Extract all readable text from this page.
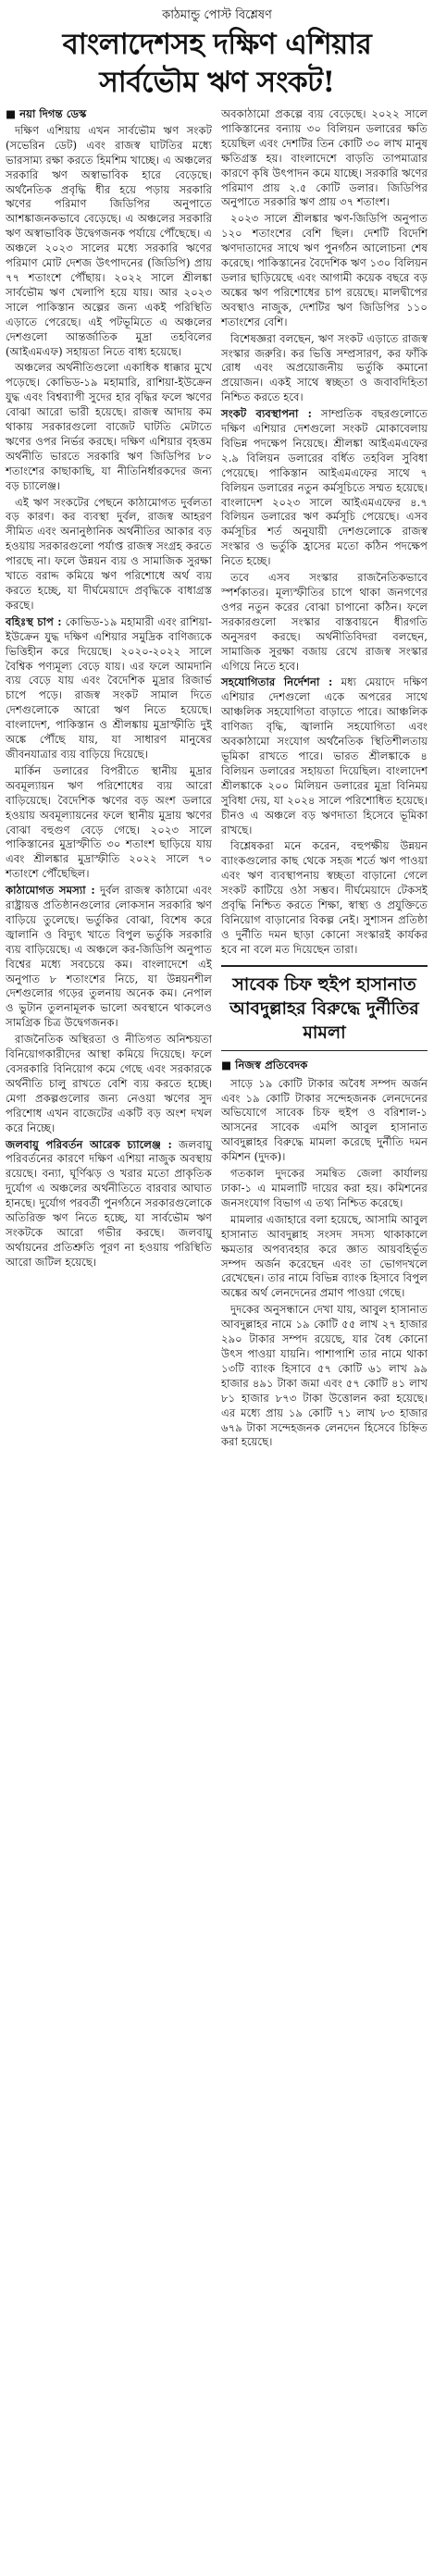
কাঠমান্ডু পোস্ট বিশ্লেষণ
বাংলাদেশসহ দক্ষিণ এশিয়ার
সার্বভৌম ঋণ সংকট!

■ নয়া দিগন্ত ডেস্ক

দক্ষিণ এশিয়ায় এখন সার্বভৌম ঋণ সংকট (সভেরিন ডেট) এবং রাজস্ব ঘাটতির মধ্যে ভারসাম্য রক্ষা করতে হিমশিম খাচ্ছে। এ অঞ্চলের সরকারি ঋণ অস্বাভাবিক হারে বেড়েছে। অর্থনৈতিক প্রবৃদ্ধি ধীর হয়ে পড়ায় সরকারি ঋণের পরিমাণ জিডিপির অনুপাতে আশঙ্কাজনকভাবে বেড়েছে। এ অঞ্চলের সরকারি ঋণ অস্বাভাবিক উদ্বেগজনক পর্যায়ে পৌঁছেছে। এ অঞ্চলে ২০২৩ সালের মধ্যে সরকারি ঋণের পরিমাণ মোট দেশজ উৎপাদনের (জিডিপি) প্রায় ৭৭ শতাংশে পৌঁছায়। ২০২২ সালে শ্রীলঙ্কা সার্বভৌম ঋণ খেলাপি হয়ে যায়। আর ২০২৩ সালে পাকিস্তান অল্পের জন্য একই পরিস্থিতি এড়াতে পেরেছে। এই পটভূমিতে এ অঞ্চলের দেশগুলো আন্তর্জাতিক মুদ্রা তহবিলের (আইএমএফ) সহায়তা নিতে বাধ্য হয়েছে।

অঞ্চলের অর্থনীতিগুলো একাধিক ধাক্কার মুখে পড়েছে। কোভিড-১৯ মহামারি, রাশিয়া-ইউক্রেন যুদ্ধ এবং বিশ্বব্যাপী সুদের হার বৃদ্ধির ফলে ঋণের বোঝা আরো ভারী হয়েছে। রাজস্ব আদায় কম থাকায় সরকারগুলো বাজেট ঘাটতি মেটাতে ঋণের ওপর নির্ভর করছে। দক্ষিণ এশিয়ার বৃহত্তম অর্থনীতি ভারতে সরকারি ঋণ জিডিপির ৮০ শতাংশের কাছাকাছি, যা নীতিনির্ধারকদের জন্য বড় চ্যালেঞ্জ।

এই ঋণ সংকটের পেছনে কাঠামোগত দুর্বলতা বড় কারণ। কর ব্যবস্থা দুর্বল, রাজস্ব আহরণ সীমিত এবং অনানুষ্ঠানিক অর্থনীতির আকার বড় হওয়ায় সরকারগুলো পর্যাপ্ত রাজস্ব সংগ্রহ করতে পারছে না। ফলে উন্নয়ন ব্যয় ও সামাজিক সুরক্ষা খাতে বরাদ্দ কমিয়ে ঋণ পরিশোধে অর্থ ব্যয় করতে হচ্ছে, যা দীর্ঘমেয়াদে প্রবৃদ্ধিকে বাধাগ্রস্ত করছে।

বহিঃস্থ চাপ : কোভিড-১৯ মহামারী এবং রাশিয়া-ইউক্রেন যুদ্ধ দক্ষিণ এশিয়ার সমুদ্রিক বাণিজ্যকে ভিত্তিহীন করে দিয়েছে। ২০২০-২০২২ সালে বৈশ্বিক পণ্যমূল্য বেড়ে যায়। এর ফলে আমদানি ব্যয় বেড়ে যায় এবং বৈদেশিক মুদ্রার রিজার্ভ চাপে পড়ে। রাজস্ব সংকট সামাল দিতে দেশগুলোকে আরো ঋণ নিতে হয়েছে। বাংলাদেশ, পাকিস্তান ও শ্রীলঙ্কায় মুদ্রাস্ফীতি দুই অঙ্কে পৌঁছে যায়, যা সাধারণ মানুষের জীবনযাত্রার ব্যয় বাড়িয়ে দিয়েছে।

মার্কিন ডলারের বিপরীতে স্থানীয় মুদ্রার অবমূল্যায়ন ঋণ পরিশোধের ব্যয় আরো বাড়িয়েছে। বৈদেশিক ঋণের বড় অংশ ডলারে হওয়ায় অবমূল্যায়নের ফলে স্থানীয় মুদ্রায় ঋণের বোঝা বহুগুণ বেড়ে গেছে। ২০২৩ সালে পাকিস্তানের মুদ্রাস্ফীতি ৩০ শতাংশ ছাড়িয়ে যায় এবং শ্রীলঙ্কার মুদ্রাস্ফীতি ২০২২ সালে ৭০ শতাংশে পৌঁছেছিল।

কাঠামোগত সমস্যা : দুর্বল রাজস্ব কাঠামো এবং রাষ্ট্রায়ত্ত প্রতিষ্ঠানগুলোর লোকসান সরকারি ঋণ বাড়িয়ে তুলেছে। ভর্তুকির বোঝা, বিশেষ করে জ্বালানি ও বিদ্যুৎ খাতে বিপুল ভর্তুকি সরকারি ব্যয় বাড়িয়েছে। এ অঞ্চলে কর-জিডিপি অনুপাত বিশ্বের মধ্যে সবচেয়ে কম। বাংলাদেশে এই অনুপাত ৮ শতাংশের নিচে, যা উন্নয়নশীল দেশগুলোর গড়ের তুলনায় অনেক কম। নেপাল ও ভুটান তুলনামূলক ভালো অবস্থানে থাকলেও সামগ্রিক চিত্র উদ্বেগজনক।

রাজনৈতিক অস্থিরতা ও নীতিগত অনিশ্চয়তা বিনিয়োগকারীদের আস্থা কমিয়ে দিয়েছে। ফলে বেসরকারি বিনিয়োগ কমে গেছে এবং সরকারকে অর্থনীতি চালু রাখতে বেশি ব্যয় করতে হচ্ছে। মেগা প্রকল্পগুলোর জন্য নেওয়া ঋণের সুদ পরিশোধ এখন বাজেটের একটি বড় অংশ দখল করে নিচ্ছে।

জলবায়ু পরিবর্তন আরেক চ্যালেঞ্জ : জলবায়ু পরিবর্তনের কারণে দক্ষিণ এশিয়া নাজুক অবস্থায় রয়েছে। বন্যা, ঘূর্ণিঝড় ও খরার মতো প্রাকৃতিক দুর্যোগ এ অঞ্চলের অর্থনীতিতে বারবার আঘাত হানছে। দুর্যোগ পরবর্তী পুনর্গঠনে সরকারগুলোকে অতিরিক্ত ঋণ নিতে হচ্ছে, যা সার্বভৌম ঋণ সংকটকে আরো গভীর করছে। জলবায়ু অর্থায়নের প্রতিশ্রুতি পূরণ না হওয়ায় পরিস্থিতি আরো জটিল হয়েছে।

অবকাঠামো প্রকল্পে ব্যয় বেড়েছে। ২০২২ সালে পাকিস্তানের বন্যায় ৩০ বিলিয়ন ডলারের ক্ষতি হয়েছিল এবং দেশটির তিন কোটি ৩০ লাখ মানুষ ক্ষতিগ্রস্ত হয়। বাংলাদেশে বাড়তি তাপমাত্রার কারণে কৃষি উৎপাদন কমে যাচ্ছে। সরকারি ঋণের পরিমাণ প্রায় ২.৫ কোটি ডলার। জিডিপির অনুপাতে সরকারি ঋণ প্রায় ৩৭ শতাংশ।

২০২৩ সালে শ্রীলঙ্কার ঋণ-জিডিপি অনুপাত ১২০ শতাংশের বেশি ছিল। দেশটি বিদেশি ঋণদাতাদের সাথে ঋণ পুনর্গঠন আলোচনা শেষ করেছে। পাকিস্তানের বৈদেশিক ঋণ ১৩০ বিলিয়ন ডলার ছাড়িয়েছে এবং আগামী কয়েক বছরে বড় অঙ্কের ঋণ পরিশোধের চাপ রয়েছে। মালদ্বীপের অবস্থাও নাজুক, দেশটির ঋণ জিডিপির ১১০ শতাংশের বেশি।

বিশেষজ্ঞরা বলছেন, ঋণ সংকট এড়াতে রাজস্ব সংস্কার জরুরি। কর ভিত্তি সম্প্রসারণ, কর ফাঁকি রোধ এবং অপ্রয়োজনীয় ভর্তুকি কমানো প্রয়োজন। একই সাথে স্বচ্ছতা ও জবাবদিহিতা নিশ্চিত করতে হবে।

সংকট ব্যবস্থাপনা : সাম্প্রতিক বছরগুলোতে দক্ষিণ এশিয়ার দেশগুলো সংকট মোকাবেলায় বিভিন্ন পদক্ষেপ নিয়েছে। শ্রীলঙ্কা আইএমএফের ২.৯ বিলিয়ন ডলারের বর্ধিত তহবিল সুবিধা পেয়েছে। পাকিস্তান আইএমএফের সাথে ৭ বিলিয়ন ডলারের নতুন কর্মসূচিতে সম্মত হয়েছে। বাংলাদেশ ২০২৩ সালে আইএমএফের ৪.৭ বিলিয়ন ডলারের ঋণ কর্মসূচি পেয়েছে। এসব কর্মসূচির শর্ত অনুযায়ী দেশগুলোকে রাজস্ব সংস্কার ও ভর্তুকি হ্রাসের মতো কঠিন পদক্ষেপ নিতে হচ্ছে।

তবে এসব সংস্কার রাজনৈতিকভাবে স্পর্শকাতর। মূল্যস্ফীতির চাপে থাকা জনগণের ওপর নতুন করের বোঝা চাপানো কঠিন। ফলে সরকারগুলো সংস্কার বাস্তবায়নে ধীরগতি অনুসরণ করছে। অর্থনীতিবিদরা বলছেন, সামাজিক সুরক্ষা বজায় রেখে রাজস্ব সংস্কার এগিয়ে নিতে হবে।

সহযোগিতার নির্দেশনা : মধ্য মেয়াদে দক্ষিণ এশিয়ার দেশগুলো একে অপরের সাথে আঞ্চলিক সহযোগিতা বাড়াতে পারে। আঞ্চলিক বাণিজ্য বৃদ্ধি, জ্বালানি সহযোগিতা এবং অবকাঠামো সংযোগ অর্থনৈতিক স্থিতিশীলতায় ভূমিকা রাখতে পারে। ভারত শ্রীলঙ্কাকে ৪ বিলিয়ন ডলারের সহায়তা দিয়েছিল। বাংলাদেশ শ্রীলঙ্কাকে ২০০ মিলিয়ন ডলারের মুদ্রা বিনিময় সুবিধা দেয়, যা ২০২৪ সালে পরিশোধিত হয়েছে। চীনও এ অঞ্চলে বড় ঋণদাতা হিসেবে ভূমিকা রাখছে।

বিশ্লেষকরা মনে করেন, বহুপক্ষীয় উন্নয়ন ব্যাংকগুলোর কাছ থেকে সহজ শর্তে ঋণ পাওয়া এবং ঋণ ব্যবস্থাপনায় স্বচ্ছতা বাড়ানো গেলে সংকট কাটিয়ে ওঠা সম্ভব। দীর্ঘমেয়াদে টেকসই প্রবৃদ্ধি নিশ্চিত করতে শিক্ষা, স্বাস্থ্য ও প্রযুক্তিতে বিনিয়োগ বাড়ানোর বিকল্প নেই। সুশাসন প্রতিষ্ঠা ও দুর্নীতি দমন ছাড়া কোনো সংস্কারই কার্যকর হবে না বলে মত দিয়েছেন তারা।

সাবেক চিফ হুইপ হাসানাত আবদুল্লাহর বিরুদ্ধে দুর্নীতির মামলা
■ নিজস্ব প্রতিবেদক

সাড়ে ১৯ কোটি টাকার অবৈধ সম্পদ অর্জন এবং ১৯ কোটি টাকার সন্দেহজনক লেনদেনের অভিযোগে সাবেক চিফ হুইপ ও বরিশাল-১ আসনের সাবেক এমপি আবুল হাসানাত আবদুল্লাহর বিরুদ্ধে মামলা করেছে দুর্নীতি দমন কমিশন (দুদক)।

গতকাল দুদকের সমন্বিত জেলা কার্যালয় ঢাকা-১ এ মামলাটি দায়ের করা হয়। কমিশনের জনসংযোগ বিভাগ এ তথ্য নিশ্চিত করেছে।

মামলার এজাহারে বলা হয়েছে, আসামি আবুল হাসানাত আবদুল্লাহ সংসদ সদস্য থাকাকালে ক্ষমতার অপব্যবহার করে জ্ঞাত আয়বহির্ভূত সম্পদ অর্জন করেছেন এবং তা ভোগদখলে রেখেছেন। তার নামে বিভিন্ন ব্যাংক হিসাবে বিপুল অঙ্কের অর্থ লেনদেনের প্রমাণ পাওয়া গেছে।

দুদকের অনুসন্ধানে দেখা যায়, আবুল হাসানাত আবদুল্লাহর নামে ১৯ কোটি ৫৫ লাখ ২৭ হাজার ২৯০ টাকার সম্পদ রয়েছে, যার বৈধ কোনো উৎস পাওয়া যায়নি। পাশাপাশি তার নামে থাকা ১৩টি ব্যাংক হিসাবে ৫৭ কোটি ৬১ লাখ ৯৯ হাজার ৪৯১ টাকা জমা এবং ৫৭ কোটি ৪১ লাখ ৮১ হাজার ৮৭৩ টাকা উত্তোলন করা হয়েছে। এর মধ্যে প্রায় ১৯ কোটি ৭১ লাখ ৮৩ হাজার ৬৭৯ টাকা সন্দেহজনক লেনদেন হিসেবে চিহ্নিত করা হয়েছে।
